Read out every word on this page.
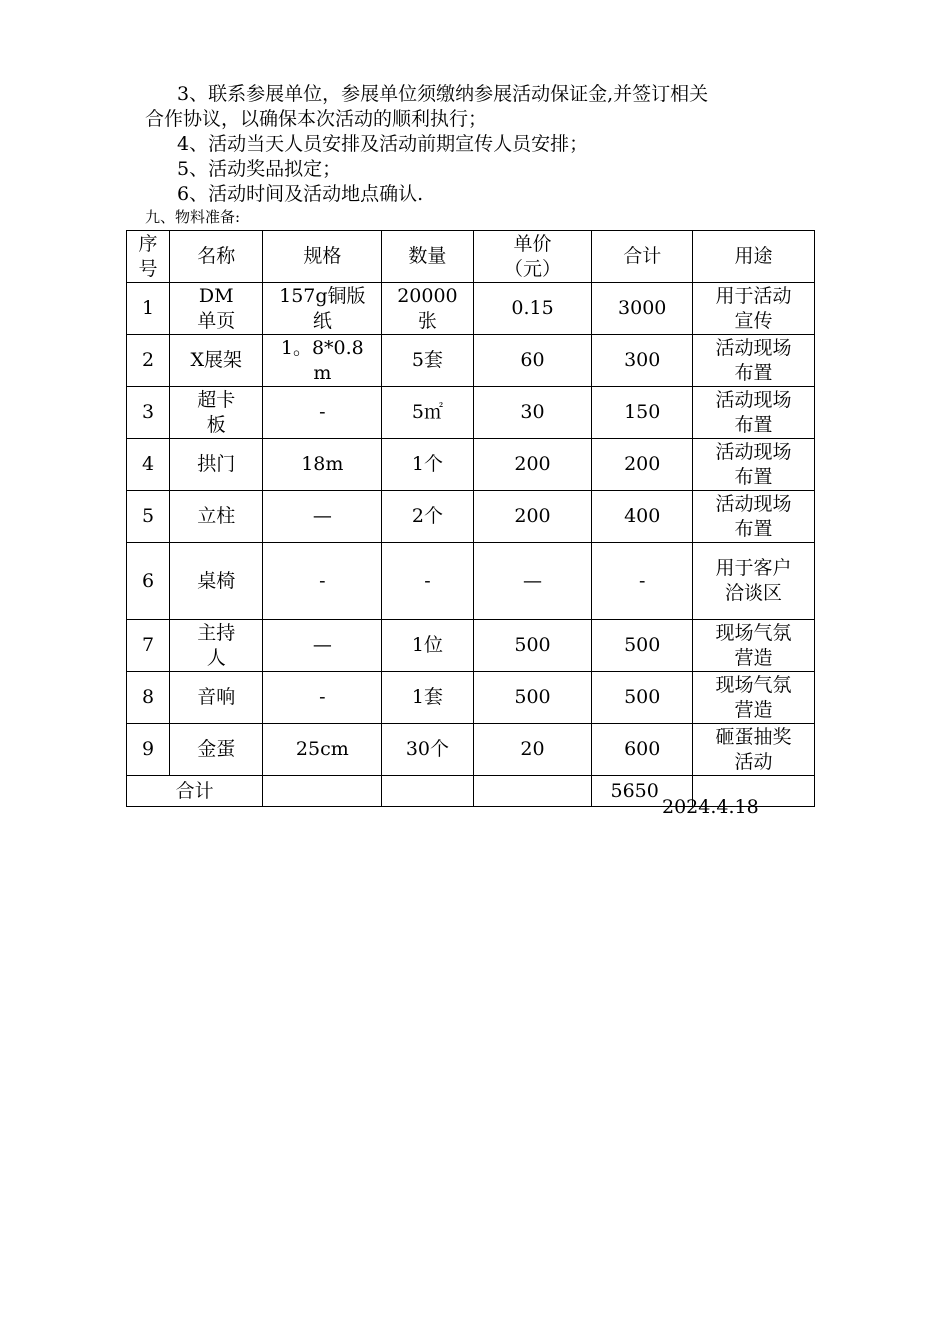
3、联系参展单位，参展单位须缴纳参展活动保证金,并签订相关
合作协议，以确保本次活动的顺利执行；
4、活动当天人员安排及活动前期宣传人员安排；
5、活动奖品拟定；
6、活动时间及活动地点确认.
九、物料准备:
序号	名称	规格	数量	单价（元）	合计	用途
1	DM单页	157g铜版纸	20000张	0.15	3000	用于活动宣传
2	X展架	1。8*0.8m	5套	60	300	活动现场布置
3	超卡板	-	5㎡	30	150	活动现场布置
4	拱门	18m	1个	200	200	活动现场布置
5	立柱	—	2个	200	400	活动现场布置
6	桌椅	-	-	—	-	用于客户洽谈区
7	主持人	—	1位	500	500	现场气氛营造
8	音响	-	1套	500	500	现场气氛营造
9	金蛋	25cm	30个	20	600	砸蛋抽奖活动
合计					5650	
2024.4.18
